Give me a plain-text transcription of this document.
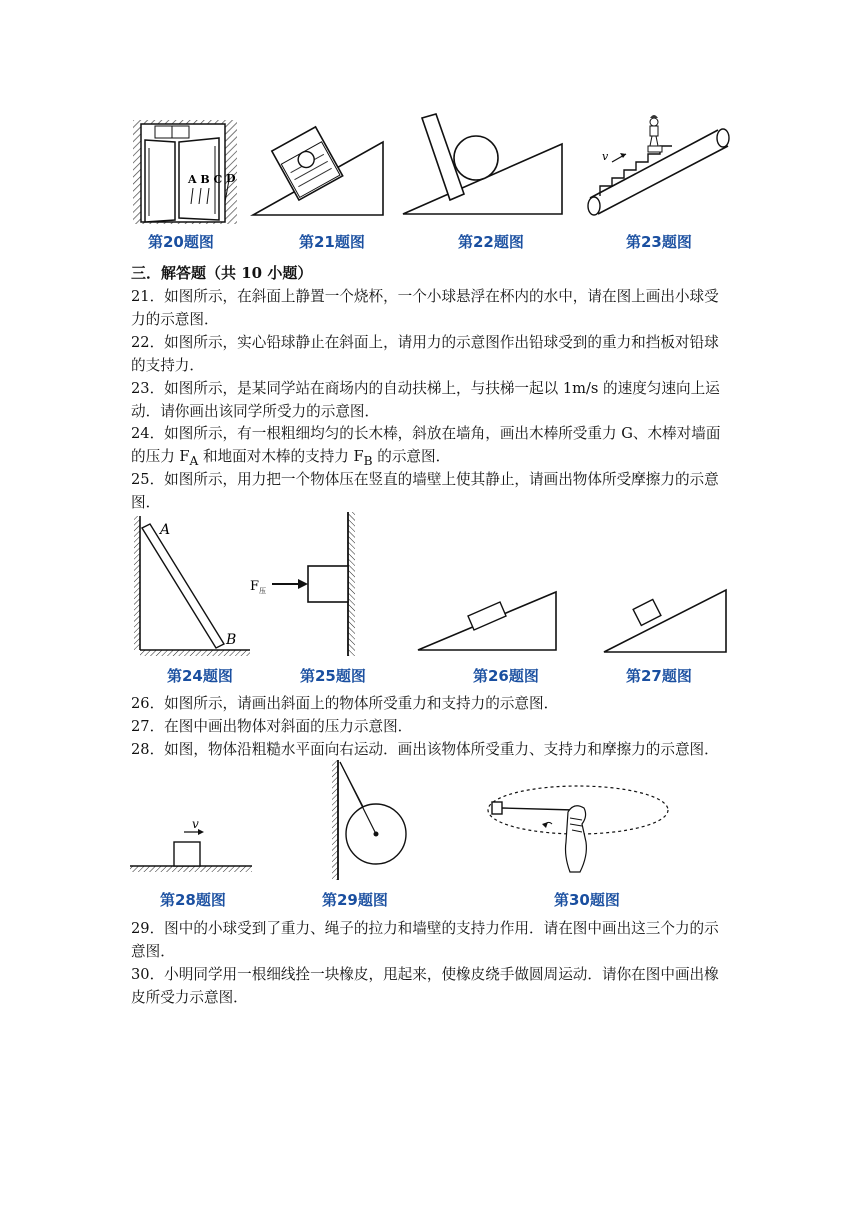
A B C D
第20题图	第21题图	第22题图
v
第23题图
三．解答题（共 10 小题）
21．如图所示，在斜面上静置一个烧杯，一个小球悬浮在杯内的水中，请在图上画出小球受力的示意图．
22．如图所示，实心铅球静止在斜面上，请用力的示意图作出铅球受到的重力和挡板对铅球的支持力．
23．如图所示，是某同学站在商场内的自动扶梯上，与扶梯一起以 1m/s 的速度匀速向上运动．请你画出该同学所受力的示意图．
24．如图所示，有一根粗细均匀的长木棒，斜放在墙角，画出木棒所受重力 G、木棒对墙面的压力 $F_A$ 和地面对木棒的支持力 $F_B$ 的示意图．
25．如图所示，用力把一个物体压在竖直的墙壁上使其静止，请画出物体所受摩擦力的示意图．
A
B
第24题图
F 压
第25题图	第26题图	第27题图
26．如图所示，请画出斜面上的物体所受重力和支持力的示意图．
27．在图中画出物体对斜面的压力示意图．
28．如图，物体沿粗糙水平面向右运动．画出该物体所受重力、支持力和摩擦力的示意图．
v
第28题图	第29题图	第30题图
29．图中的小球受到了重力、绳子的拉力和墙壁的支持力作用．请在图中画出这三个力的示意图．
30．小明同学用一根细线拴一块橡皮，甩起来，使橡皮绕手做圆周运动．请你在图中画出橡皮所受力示意图．
